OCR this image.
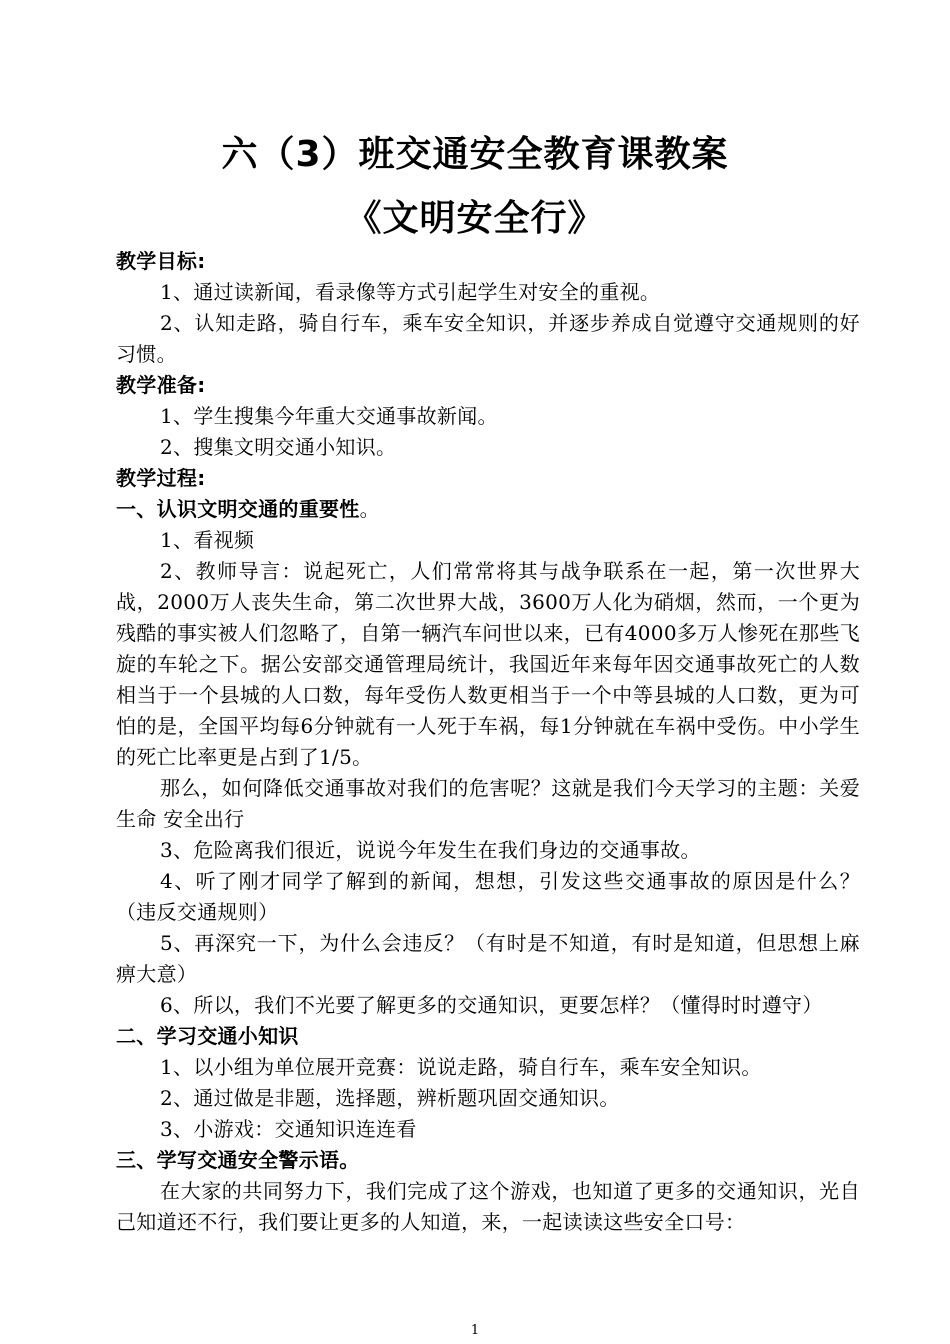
六（3）班交通安全教育课教案
《文明安全行》

教学目标:

1、通过读新闻，看录像等方式引起学生对安全的重视。

2、认知走路，骑自行车，乘车安全知识，并逐步养成自觉遵守交通规则的好习惯。

教学准备:

1、学生搜集今年重大交通事故新闻。

2、搜集文明交通小知识。

教学过程:

一、认识文明交通的重要性。

1、看视频

2、教师导言：说起死亡，人们常常将其与战争联系在一起，第一次世界大战，2000万人丧失生命，第二次世界大战，3600万人化为硝烟，然而，一个更为残酷的事实被人们忽略了，自第一辆汽车问世以来，已有4000多万人惨死在那些飞旋的车轮之下。据公安部交通管理局统计，我国近年来每年因交通事故死亡的人数相当于一个县城的人口数，每年受伤人数更相当于一个中等县城的人口数，更为可怕的是，全国平均每6分钟就有一人死于车祸，每1分钟就在车祸中受伤。中小学生的死亡比率更是占到了1/5。

那么，如何降低交通事故对我们的危害呢？这就是我们今天学习的主题：关爱生命 安全出行

3、危险离我们很近，说说今年发生在我们身边的交通事故。

4、听了刚才同学了解到的新闻，想想，引发这些交通事故的原因是什么？（违反交通规则）

5、再深究一下，为什么会违反？（有时是不知道，有时是知道，但思想上麻痹大意）

6、所以，我们不光要了解更多的交通知识，更要怎样？（懂得时时遵守）

二、学习交通小知识

1、以小组为单位展开竞赛：说说走路，骑自行车，乘车安全知识。

2、通过做是非题，选择题，辨析题巩固交通知识。

3、小游戏：交通知识连连看

三、学写交通安全警示语。

在大家的共同努力下，我们完成了这个游戏，也知道了更多的交通知识，光自己知道还不行，我们要让更多的人知道，来，一起读读这些安全口号：

1
